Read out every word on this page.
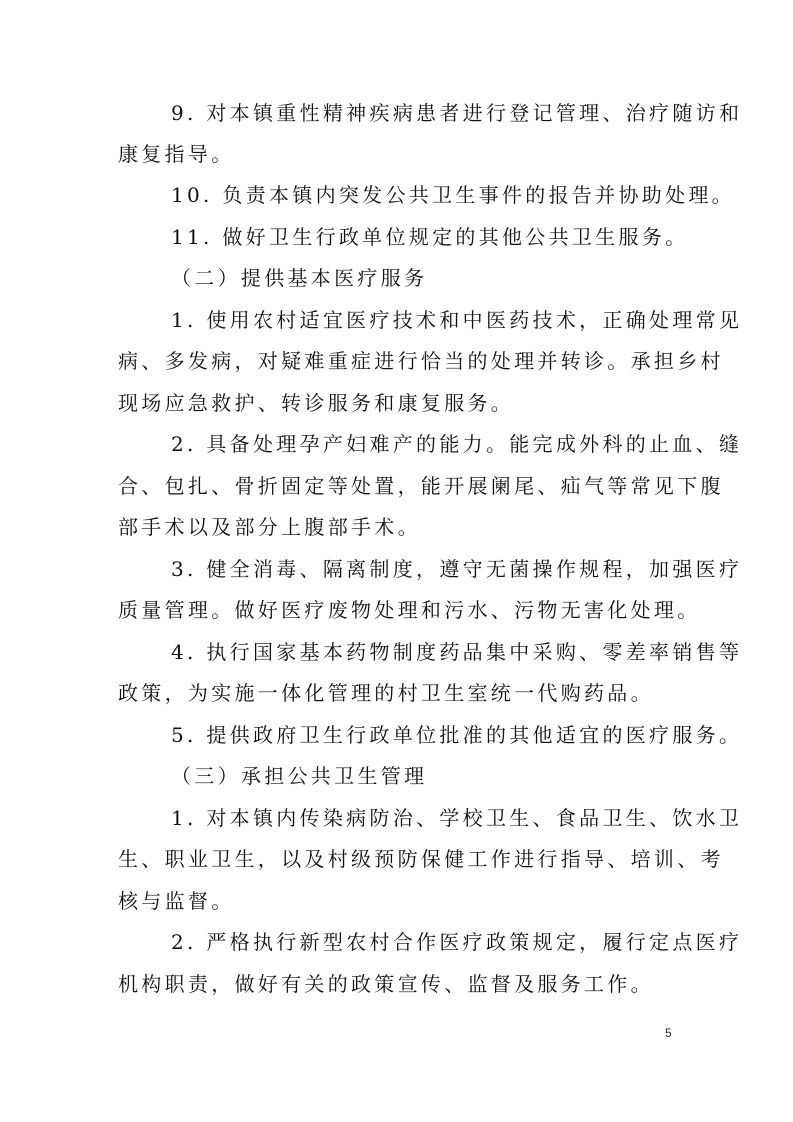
9. 对本镇重性精神疾病患者进行登记管理、治疗随访和
康复指导。
10. 负责本镇内突发公共卫生事件的报告并协助处理。
11. 做好卫生行政单位规定的其他公共卫生服务。
（二）提供基本医疗服务
1. 使用农村适宜医疗技术和中医药技术，正确处理常见
病、多发病，对疑难重症进行恰当的处理并转诊。承担乡村
现场应急救护、转诊服务和康复服务。
2. 具备处理孕产妇难产的能力。能完成外科的止血、缝
合、包扎、骨折固定等处置，能开展阑尾、疝气等常见下腹
部手术以及部分上腹部手术。
3. 健全消毒、隔离制度，遵守无菌操作规程，加强医疗
质量管理。做好医疗废物处理和污水、污物无害化处理。
4. 执行国家基本药物制度药品集中采购、零差率销售等
政策，为实施一体化管理的村卫生室统一代购药品。
5. 提供政府卫生行政单位批准的其他适宜的医疗服务。
（三）承担公共卫生管理
1. 对本镇内传染病防治、学校卫生、食品卫生、饮水卫
生、职业卫生，以及村级预防保健工作进行指导、培训、考
核与监督。
2. 严格执行新型农村合作医疗政策规定，履行定点医疗
机构职责，做好有关的政策宣传、监督及服务工作。
5
